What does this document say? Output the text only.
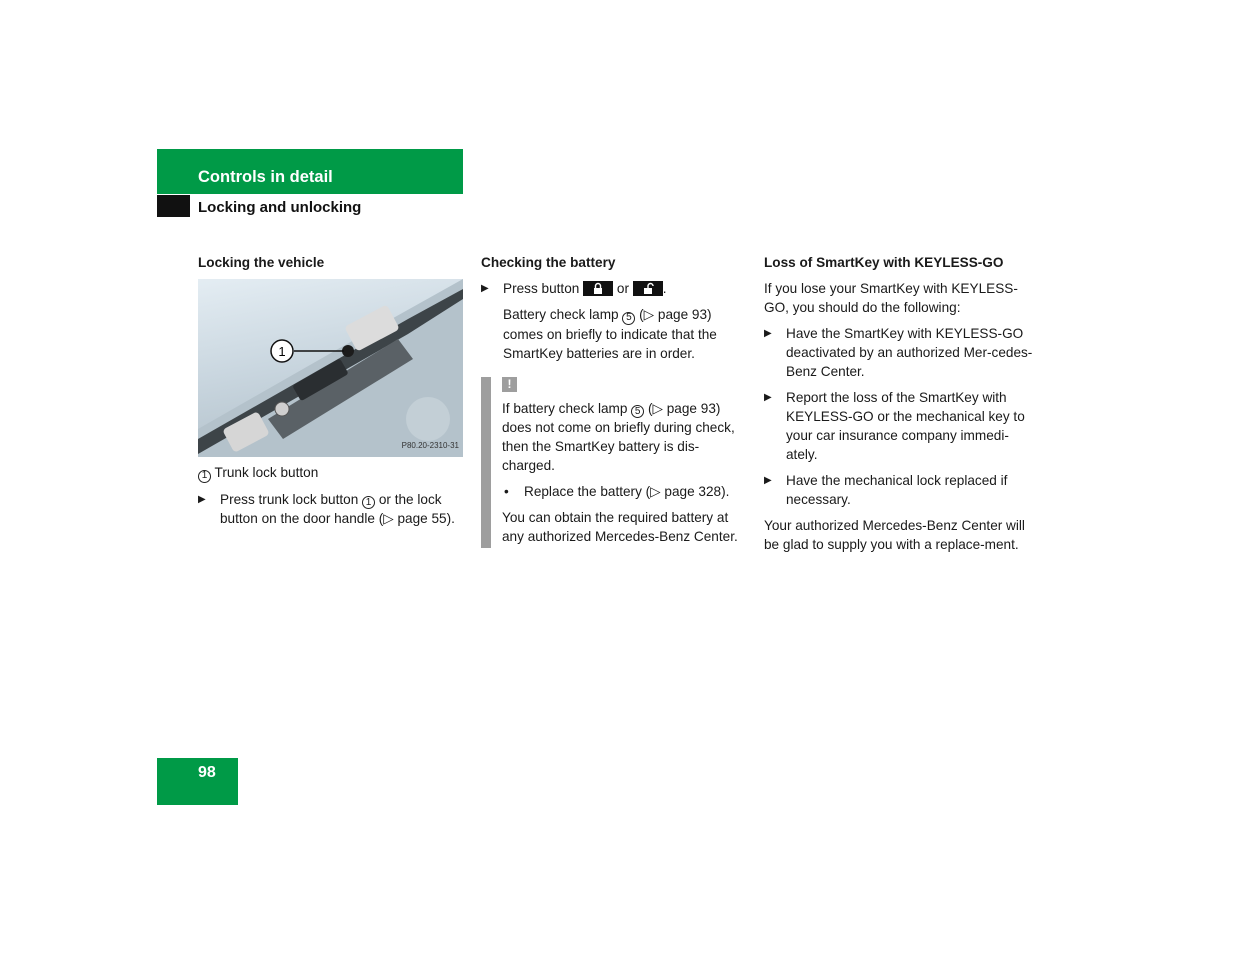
Controls in detail
Locking and unlocking
Locking the vehicle
1
P80.20-2310-31
1 Trunk lock button
▶ Press trunk lock button 1 or the lock button on the door handle (▷ page 55).
Checking the battery
▶ Press button	or .
Battery check lamp 5 (▷ page 93) comes on briefly to indicate that the SmartKey batteries are in order.
!
If battery check lamp 5 (▷ page 93) does not come on briefly during check, then the SmartKey battery is dis-charged.
• Replace the battery (▷ page 328).
You can obtain the required battery at any authorized Mercedes-Benz Center.
Loss of SmartKey with KEYLESS-GO
If you lose your SmartKey with KEYLESS-GO, you should do the following:
▶ Have the SmartKey with KEYLESS-GO deactivated by an authorized Mer-cedes-Benz Center.
▶ Report the loss of the SmartKey with KEYLESS-GO or the mechanical key to your car insurance company immedi-ately.
▶ Have the mechanical lock replaced if necessary.
Your authorized Mercedes-Benz Center will be glad to supply you with a replace-ment.
98
